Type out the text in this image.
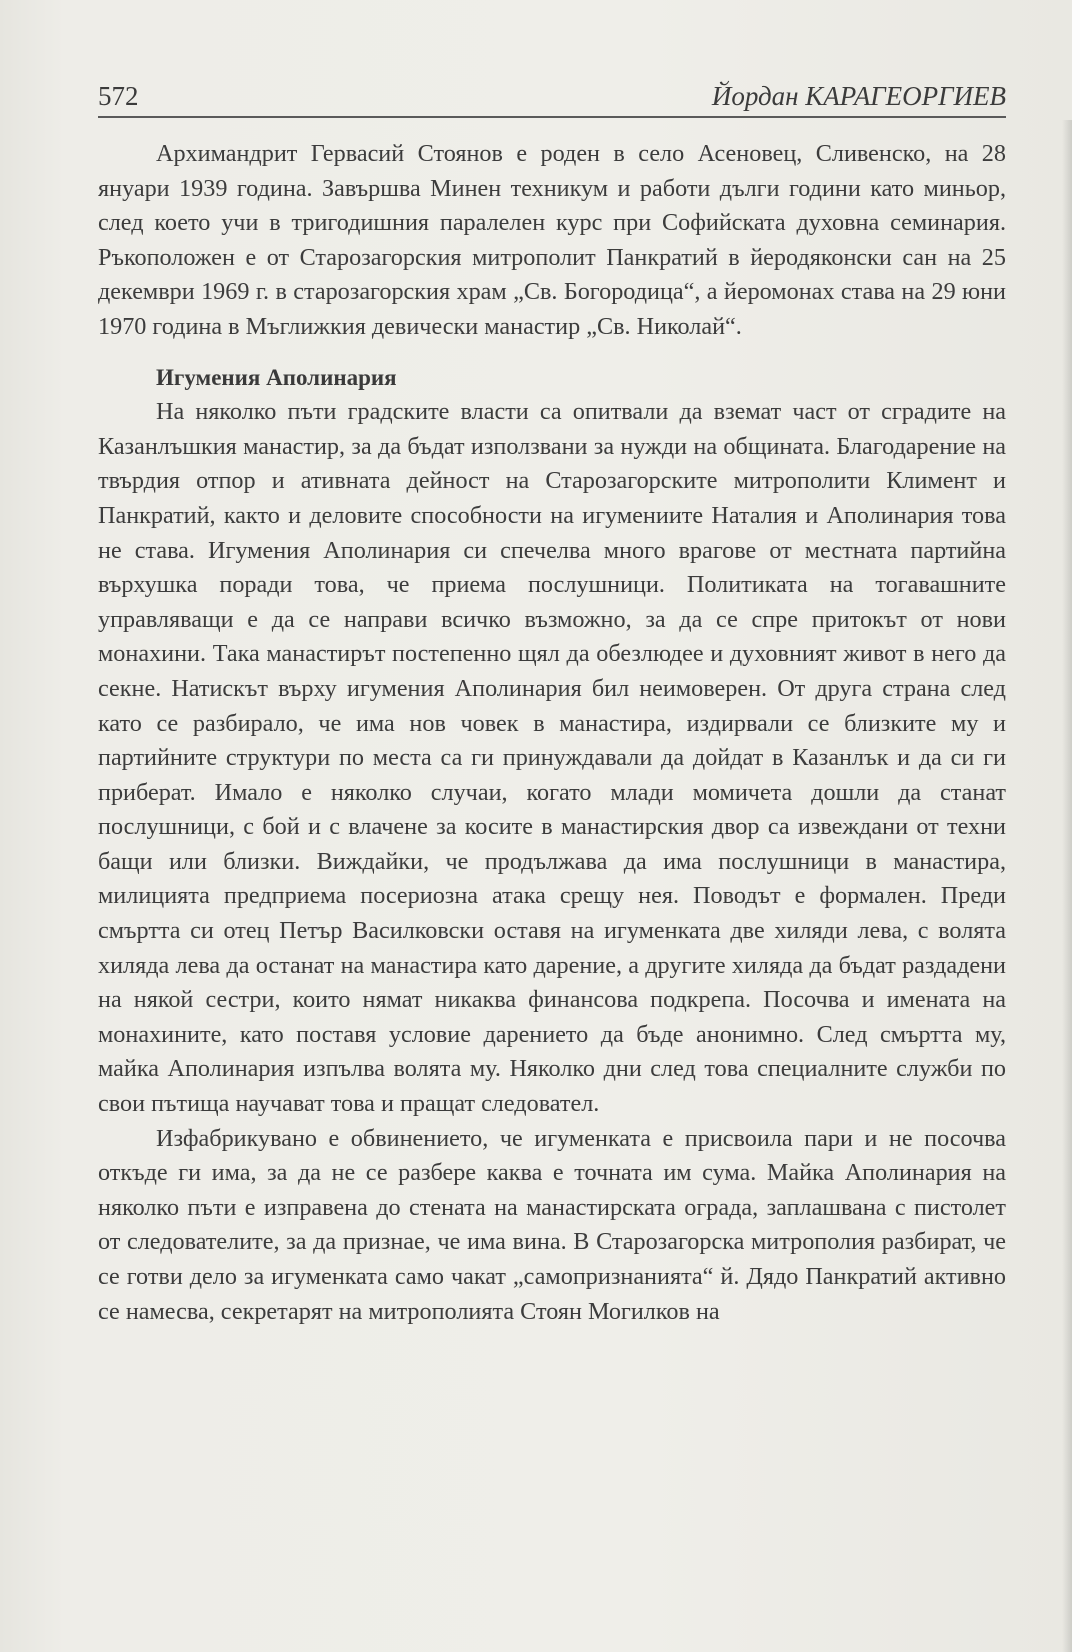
572	Йордан КАРАГЕОРГИЕВ

Архимандрит Гервасий Стоянов е роден в село Асеновец, Сливенско, на 28 януари 1939 година. Завършва Минен техникум и работи дълги години като миньор, след което учи в тригодишния паралелен курс при Софийската духовна семинария. Ръкоположен е от Старозагорския митрополит Панкратий в йеродяконски сан на 25 декември 1969 г. в старозагорския храм „Св. Богородица“, а йеромонах става на 29 юни 1970 година в Мъглижкия девически манастир „Св. Николай“.

Игумения Аполинария

На няколко пъти градските власти са опитвали да вземат част от сградите на Казанлъшкия манастир, за да бъдат използвани за нужди на общината. Благодарение на твърдия отпор и ативната дейност на Старозагорските митрополити Климент и Панкратий, както и деловите способности на игумениите Наталия и Аполинария това не става. Игумения Аполинария си спечелва много врагове от местната партийна върхушка поради това, че приема послушници. Политиката на тогавашните управляващи е да се направи всичко възможно, за да се спре притокът от нови монахини. Така манастирът постепенно щял да обезлюдее и духовният живот в него да секне. Натискът върху игумения Аполинария бил неимоверен. От друга страна след като се разбирало, че има нов човек в манастира, издирвали се близките му и партийните структури по места са ги принуждавали да дойдат в Казанлък и да си ги приберат. Имало е няколко случаи, когато млади момичета дошли да станат послушници, с бой и с влачене за косите в манастирския двор са извеждани от техни бащи или близки. Виждайки, че продължава да има послушници в манастира, милицията предприема посериозна атака срещу нея. Поводът е формален. Преди смъртта си отец Петър Василковски оставя на игуменката две хиляди лева, с волята хиляда лева да останат на манастира като дарение, а другите хиляда да бъдат раздадени на някой сестри, които нямат никаква финансова подкрепа. Посочва и имената на монахините, като поставя условие дарението да бъде анонимно. След смъртта му, майка Аполинария изпълва волята му. Няколко дни след това специалните служби по свои пътища научават това и пращат следовател.

Изфабрикувано е обвинението, че игуменката е присвоила пари и не посочва откъде ги има, за да не се разбере каква е точната им сума. Майка Аполинария на няколко пъти е изправена до стената на манастирската ограда, заплашвана с пистолет от следователите, за да признае, че има вина. В Старозагорска митрополия разбират, че се готви дело за игуменката само чакат „самопризнанията“ й. Дядо Панкратий активно се намесва, секретарят на митрополията Стоян Могилков на
